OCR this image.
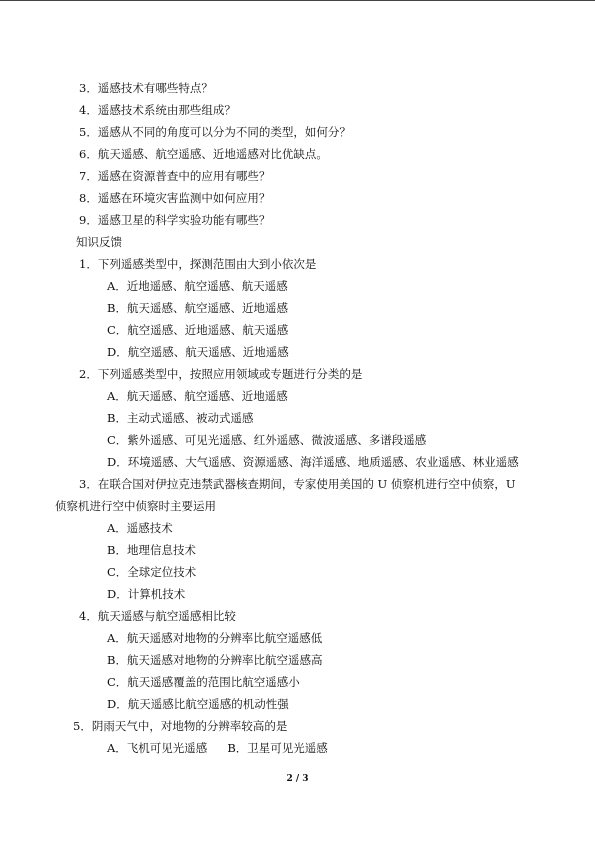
3．遥感技术有哪些特点？
4．遥感技术系统由那些组成？
5．遥感从不同的角度可以分为不同的类型，如何分？
6．航天遥感、航空遥感、近地遥感对比优缺点。
7．遥感在资源普查中的应用有哪些？
8．遥感在环境灾害监测中如何应用？
9．遥感卫星的科学实验功能有哪些？
知识反馈
1．下列遥感类型中，探测范围由大到小依次是
A．近地遥感、航空遥感、航天遥感
B．航天遥感、航空遥感、近地遥感
C．航空遥感、近地遥感、航天遥感
D．航空遥感、航天遥感、近地遥感
2．下列遥感类型中，按照应用领域或专题进行分类的是
A．航天遥感、航空遥感、近地遥感
B．主动式遥感、被动式遥感
C．紫外遥感、可见光遥感、红外遥感、微波遥感、多谱段遥感
D．环境遥感、大气遥感、资源遥感、海洋遥感、地质遥感、农业遥感、林业遥感
3．在联合国对伊拉克违禁武器核查期间，专家使用美国的 U 侦察机进行空中侦察，U
侦察机进行空中侦察时主要运用
A．遥感技术
B．地理信息技术
C．全球定位技术
D．计算机技术
4．航天遥感与航空遥感相比较
A．航天遥感对地物的分辨率比航空遥感低
B．航天遥感对地物的分辨率比航空遥感高
C．航天遥感覆盖的范围比航空遥感小
D．航天遥感比航空遥感的机动性强
5．阴雨天气中，对地物的分辨率较高的是
A．飞机可见光遥感 B．卫星可见光遥感
2 / 3
